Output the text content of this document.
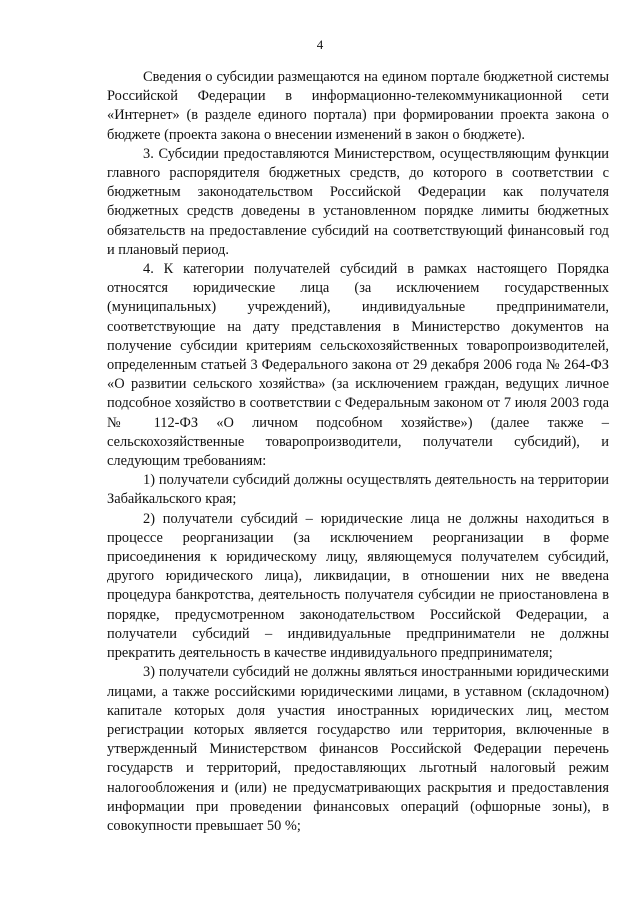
4

Сведения о субсидии размещаются на едином портале бюджетной системы Российской Федерации в информационно-телекоммуникационной сети «Интернет» (в разделе единого портала) при формировании проекта закона о бюджете (проекта закона о внесении изменений в закон о бюджете).

3. Субсидии предоставляются Министерством, осуществляющим функции главного распорядителя бюджетных средств, до которого в соответствии с бюджетным законодательством Российской Федерации как получателя бюджетных средств доведены в установленном порядке лимиты бюджетных обязательств на предоставление субсидий на соответствующий финансовый год и плановый период.

4. К категории получателей субсидий в рамках настоящего Порядка относятся юридические лица (за исключением государственных (муниципальных) учреждений), индивидуальные предприниматели, соответствующие на дату представления в Министерство документов на получение субсидии критериям сельскохозяйственных товаропроизводителей, определенным статьей 3 Федерального закона от 29 декабря 2006 года № 264-ФЗ «О развитии сельского хозяйства» (за исключением граждан, ведущих личное подсобное хозяйство в соответствии с Федеральным законом от 7 июля 2003 года № 112-ФЗ «О личном подсобном хозяйстве») (далее также – сельскохозяйственные товаропроизводители, получатели субсидий), и следующим требованиям:

1) получатели субсидий должны осуществлять деятельность на территории Забайкальского края;

2) получатели субсидий – юридические лица не должны находиться в процессе реорганизации (за исключением реорганизации в форме присоединения к юридическому лицу, являющемуся получателем субсидий, другого юридического лица), ликвидации, в отношении них не введена процедура банкротства, деятельность получателя субсидии не приостановлена в порядке, предусмотренном законодательством Российской Федерации, а получатели субсидий – индивидуальные предприниматели не должны прекратить деятельность в качестве индивидуального предпринимателя;

3) получатели субсидий не должны являться иностранными юридическими лицами, а также российскими юридическими лицами, в уставном (складочном) капитале которых доля участия иностранных юридических лиц, местом регистрации которых является государство или территория, включенные в утвержденный Министерством финансов Российской Федерации перечень государств и территорий, предоставляющих льготный налоговый режим налогообложения и (или) не предусматривающих раскрытия и предоставления информации при проведении финансовых операций (офшорные зоны), в совокупности превышает 50 %;
